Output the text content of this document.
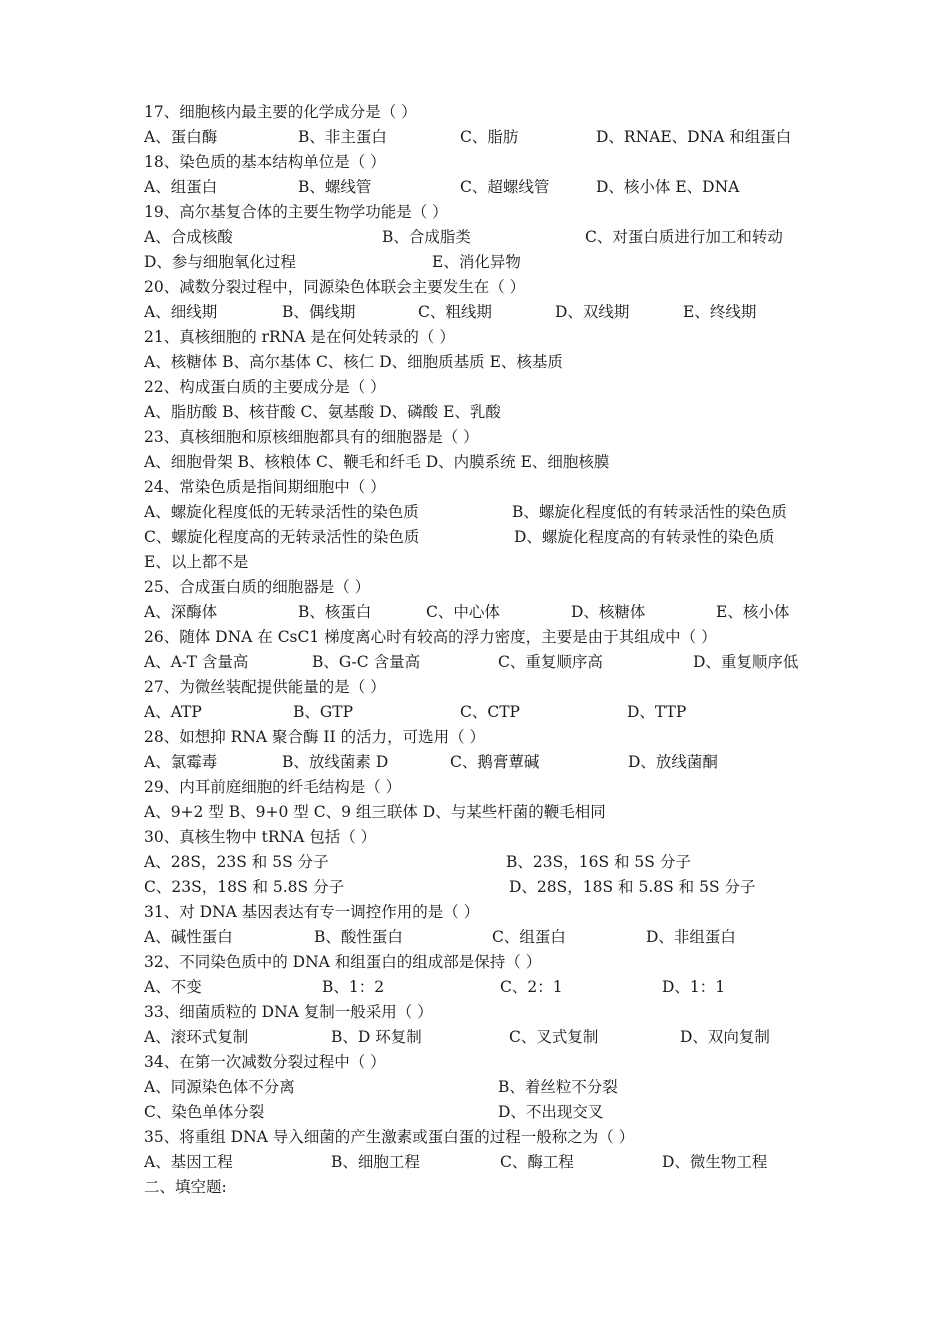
17、细胞核内最主要的化学成分是（ ）
A、蛋白酶	B、非主蛋白	C、脂肪	D、RNAE、DNA 和组蛋白
18、染色质的基本结构单位是（ ）
A、组蛋白	B、螺线管	C、超螺线管	D、核小体 E、DNA
19、高尔基复合体的主要生物学功能是（ ）
A、合成核酸	B、合成脂类	C、对蛋白质进行加工和转动
D、参与细胞氧化过程	E、消化异物
20、减数分裂过程中，同源染色体联会主要发生在（ ）
A、细线期	B、偶线期	C、粗线期	D、双线期	E、终线期
21、真核细胞的 rRNA 是在何处转录的（ ）
A、核糖体 B、高尔基体 C、核仁 D、细胞质基质 E、核基质
22、构成蛋白质的主要成分是（ ）
A、脂肪酸 B、核苷酸 C、氨基酸 D、磷酸 E、乳酸
23、真核细胞和原核细胞都具有的细胞器是（ ）
A、细胞骨架 B、核粮体 C、鞭毛和纤毛 D、内膜系统 E、细胞核膜
24、常染色质是指间期细胞中（ ）
A、螺旋化程度低的无转录活性的染色质	B、螺旋化程度低的有转录活性的染色质
C、螺旋化程度高的无转录活性的染色质	D、螺旋化程度高的有转录性的染色质
E、以上都不是
25、合成蛋白质的细胞器是（ ）
A、深酶体	B、核蛋白	C、中心体	D、核糖体	E、核小体
26、随体 DNA 在 CsC1 梯度离心时有较高的浮力密度，主要是由于其组成中（ ）
A、A-T 含量高	B、G-C 含量高	C、重复顺序高	D、重复顺序低
27、为微丝装配提供能量的是（ ）
A、ATP	B、GTP	C、CTP	D、TTP
28、如想抑 RNA 聚合酶 II 的活力，可选用（ ）
A、氯霉毒	B、放线菌素 D	C、鹅膏蕈碱	D、放线菌酮
29、内耳前庭细胞的纤毛结构是（ ）
A、9+2 型 B、9+0 型 C、9 组三联体 D、与某些杆菌的鞭毛相同
30、真核生物中 tRNA 包括（ ）
A、28S，23S 和 5S 分子	B、23S，16S 和 5S 分子
C、23S，18S 和 5.8S 分子	D、28S，18S 和 5.8S 和 5S 分子
31、对 DNA 基因表达有专一调控作用的是（ ）
A、碱性蛋白	B、酸性蛋白	C、组蛋白	D、非组蛋白
32、不同染色质中的 DNA 和组蛋白的组成部是保持（ ）
A、不变	B、1：2	C、2：1	D、1：1
33、细菌质粒的 DNA 复制一般采用（ ）
A、滚环式复制	B、D 环复制	C、叉式复制	D、双向复制
34、在第一次减数分裂过程中（ ）
A、同源染色体不分离	B、着丝粒不分裂
C、染色单体分裂	D、不出现交叉
35、将重组 DNA 导入细菌的产生激素或蛋白蛋的过程一般称之为（ ）
A、基因工程	B、细胞工程	C、酶工程	D、微生物工程
二、填空题:
